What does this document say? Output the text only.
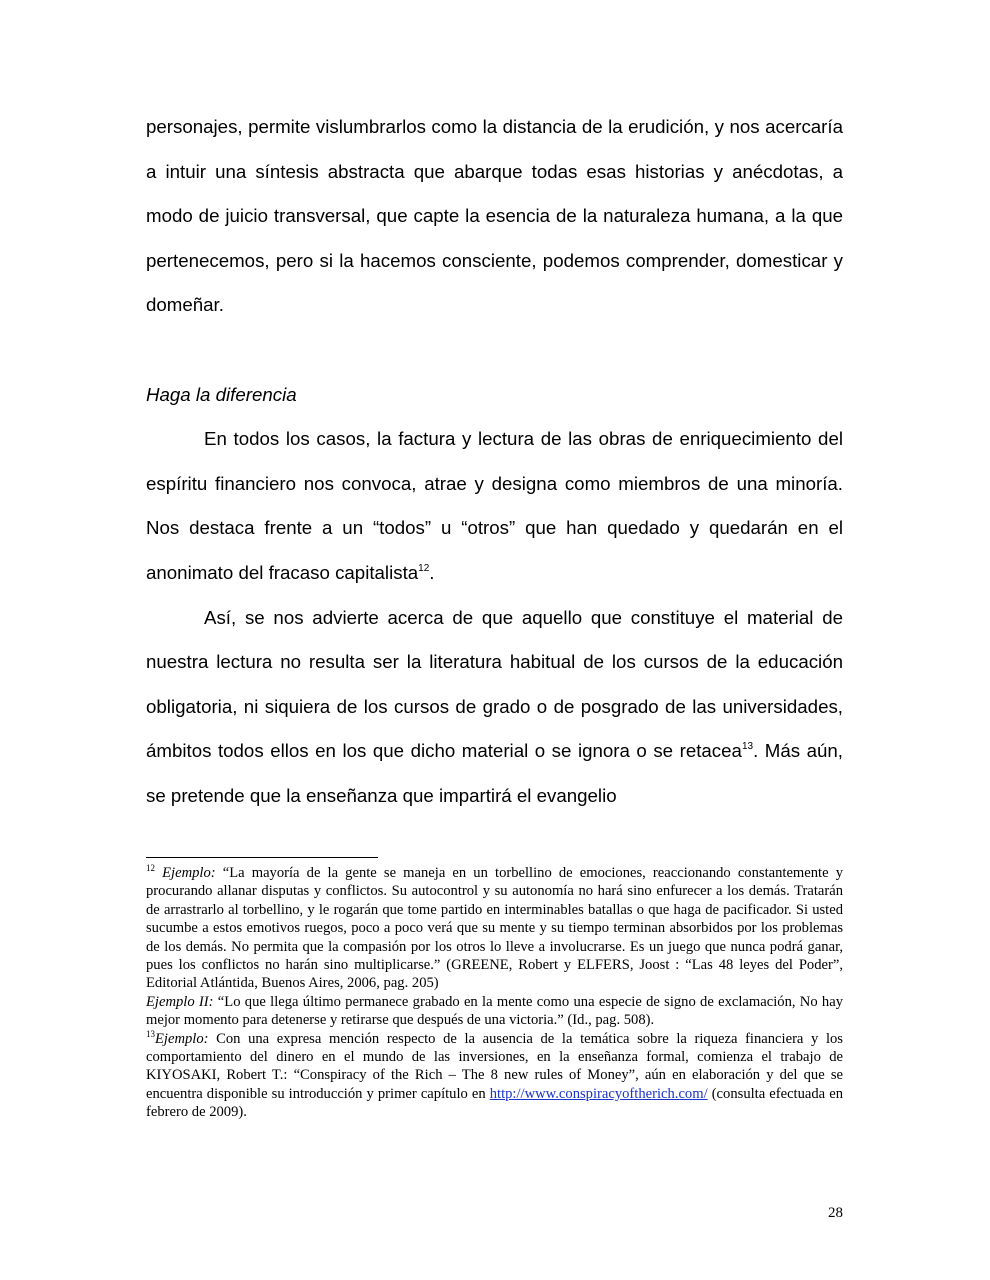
personajes, permite vislumbrarlos como la distancia de la erudición, y nos acercaría a intuir una síntesis abstracta que abarque todas esas historias y anécdotas, a modo de juicio transversal, que capte la esencia de la naturaleza humana, a la que pertenecemos, pero si la hacemos consciente, podemos comprender, domesticar y domeñar.

Haga la diferencia

En todos los casos, la factura y lectura de las obras de enriquecimiento del espíritu financiero nos convoca, atrae y designa como miembros de una minoría. Nos destaca frente a un “todos” u “otros” que han quedado y quedarán en el anonimato del fracaso capitalista$^{12}$.

Así, se nos advierte acerca de que aquello que constituye el material de nuestra lectura no resulta ser la literatura habitual de los cursos de la educación obligatoria, ni siquiera de los cursos de grado o de posgrado de las universidades, ámbitos todos ellos en los que dicho material o se ignora o se retacea$^{13}$. Más aún, se pretende que la enseñanza que impartirá el evangelio

$^{12}$ Ejemplo: “La mayoría de la gente se maneja en un torbellino de emociones, reaccionando constantemente y procurando allanar disputas y conflictos. Su autocontrol y su autonomía no hará sino enfurecer a los demás. Tratarán de arrastrarlo al torbellino, y le rogarán que tome partido en interminables batallas o que haga de pacificador. Si usted sucumbe a estos emotivos ruegos, poco a poco verá que su mente y su tiempo terminan absorbidos por los problemas de los demás. No permita que la compasión por los otros lo lleve a involucrarse. Es un juego que nunca podrá ganar, pues los conflictos no harán sino multiplicarse.” (GREENE, Robert y ELFERS, Joost : “Las 48 leyes del Poder”, Editorial Atlántida, Buenos Aires, 2006, pag. 205)

Ejemplo II: “Lo que llega último permanece grabado en la mente como una especie de signo de exclamación, No hay mejor momento para detenerse y retirarse que después de una victoria.” (Id., pag. 508).

$^{13}$Ejemplo: Con una expresa mención respecto de la ausencia de la temática sobre la riqueza financiera y los comportamiento del dinero en el mundo de las inversiones, en la enseñanza formal, comienza el trabajo de KIYOSAKI, Robert T.: “Conspiracy of the Rich – The 8 new rules of Money”, aún en elaboración y del que se encuentra disponible su introducción y primer capítulo en http://www.conspiracyoftherich.com/ (consulta efectuada en febrero de 2009).

28
